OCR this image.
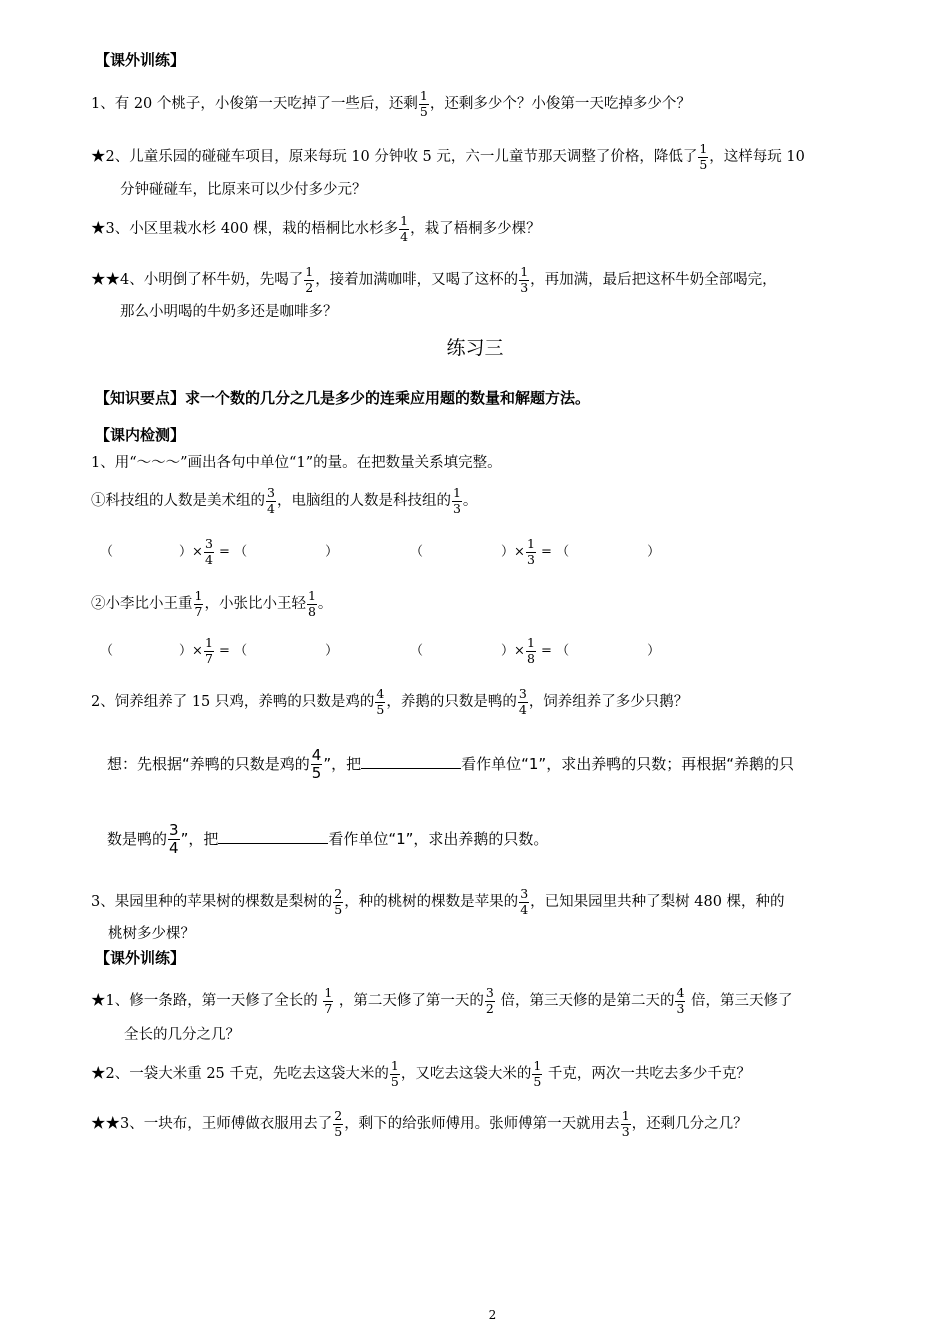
【课外训练】
1、有 20 个桃子，小俊第一天吃掉了一些后，还剩 $\frac{1}{5}$ ，还剩多少个？小俊第一天吃掉多少个？
★2、儿童乐园的碰碰车项目，原来每玩 10 分钟收 5 元，六一儿童节那天调整了价格，降低了 $\frac{1}{5}$ ，这样每玩 10
分钟碰碰车，比原来可以少付多少元？
★3、小区里栽水杉 400 棵，栽的梧桐比水杉多 $\frac{1}{4}$ ，栽了梧桐多少棵？
★★4、小明倒了杯牛奶，先喝了 $\frac{1}{2}$ ，接着加满咖啡，又喝了这杯的 $\frac{1}{3}$ ，再加满，最后把这杯牛奶全部喝完，
那么小明喝的牛奶多还是咖啡多？
练习三
【知识要点】求一个数的几分之几是多少的连乘应用题的数量和解题方法。
【课内检测】
1、用“～～～”画出各句中单位“1”的量。在把数量关系填完整。
①科技组的人数是美术组的 $\frac{3}{4}$ ，电脑组的人数是科技组的 $\frac{1}{3}$ 。
（	）× $\frac{3}{4}$ = （	）	（	）× $\frac{1}{3}$ = （	）
②小李比小王重 $\frac{1}{7}$ ，小张比小王轻 $\frac{1}{8}$ 。
（	）× $\frac{1}{7}$ = （	）	（	）× $\frac{1}{8}$ = （	）
2、饲养组养了 15 只鸡，养鸭的只数是鸡的 $\frac{4}{5}$ ，养鹅的只数是鸭的 $\frac{3}{4}$ ，饲养组养了多少只鹅？
想：先根据“养鸭的只数是鸡的 $\frac{4}{5}$ ”，把	看作单位“1”，求出养鸭的只数；再根据“养鹅的只
数是鸭的 $\frac{3}{4}$ ”，把	看作单位“1”，求出养鹅的只数。
3、果园里种的苹果树的棵数是梨树的 $\frac{2}{5}$ ，种的桃树的棵数是苹果的 $\frac{3}{4}$ ，已知果园里共种了梨树 480 棵，种的
桃树多少棵？
【课外训练】
★1、修一条路，第一天修了全长的 $\frac{1}{7}$ ，第二天修了第一天的 $\frac{3}{2}$ 倍，第三天修的是第二天的 $\frac{4}{3}$ 倍，第三天修了
全长的几分之几？
★2、一袋大米重 25 千克，先吃去这袋大米的 $\frac{1}{5}$ ，又吃去这袋大米的 $\frac{1}{5}$ 千克，两次一共吃去多少千克？
★★3、一块布，王师傅做衣服用去了 $\frac{2}{5}$ ，剩下的给张师傅用。张师傅第一天就用去 $\frac{1}{3}$ ，还剩几分之几？
2
